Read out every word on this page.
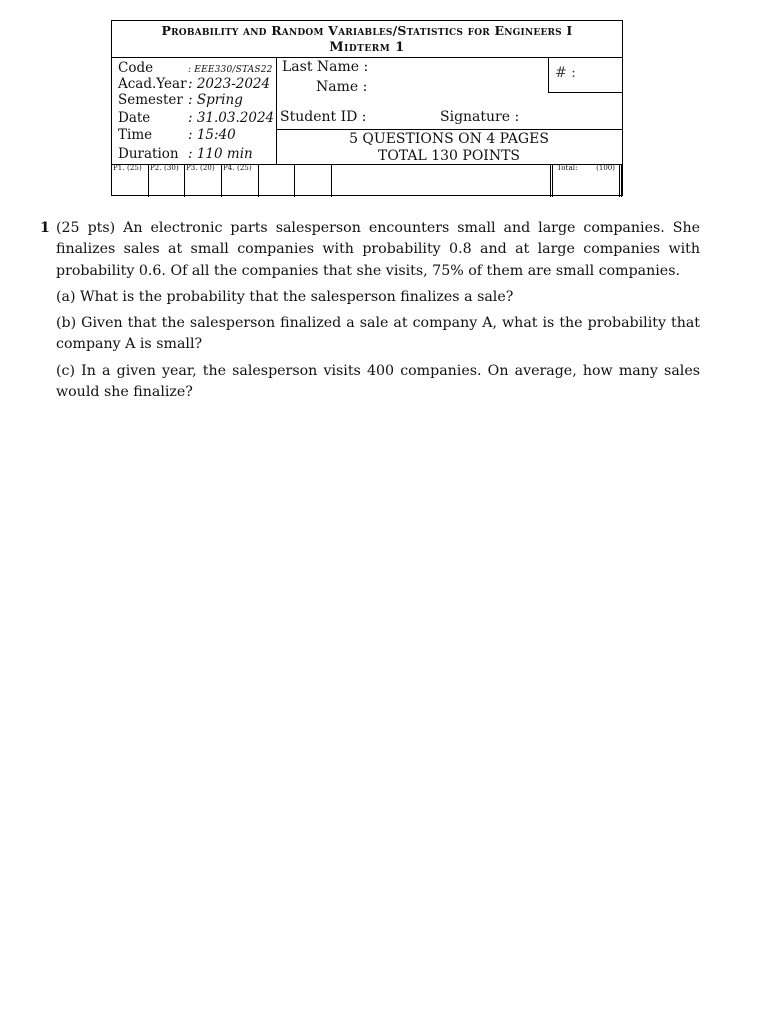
Probability and Random Variables/Statistics for Engineers I
Midterm 1
Code	: EEE330/STAS22
Acad.Year: 2023-2024
Semester : Spring
Date	: 31.03.2024
Time	: 15:40
Duration : 110 min
Last Name :
Name :
# :
Student ID :	Signature :
5 QUESTIONS ON 4 PAGES
TOTAL 130 POINTS
P1. (25) P2. (30) P3. (20) P4. (25)	Total:	(100)
1 (25 pts) An electronic parts salesperson encounters small and large companies. She finalizes sales at small companies with probability 0.8 and at large companies with probability 0.6. Of all the companies that she visits, 75% of them are small companies.
(a) What is the probability that the salesperson finalizes a sale?
(b) Given that the salesperson finalized a sale at company A, what is the probability that company A is small?
(c) In a given year, the salesperson visits 400 companies. On average, how many sales would she finalize?
